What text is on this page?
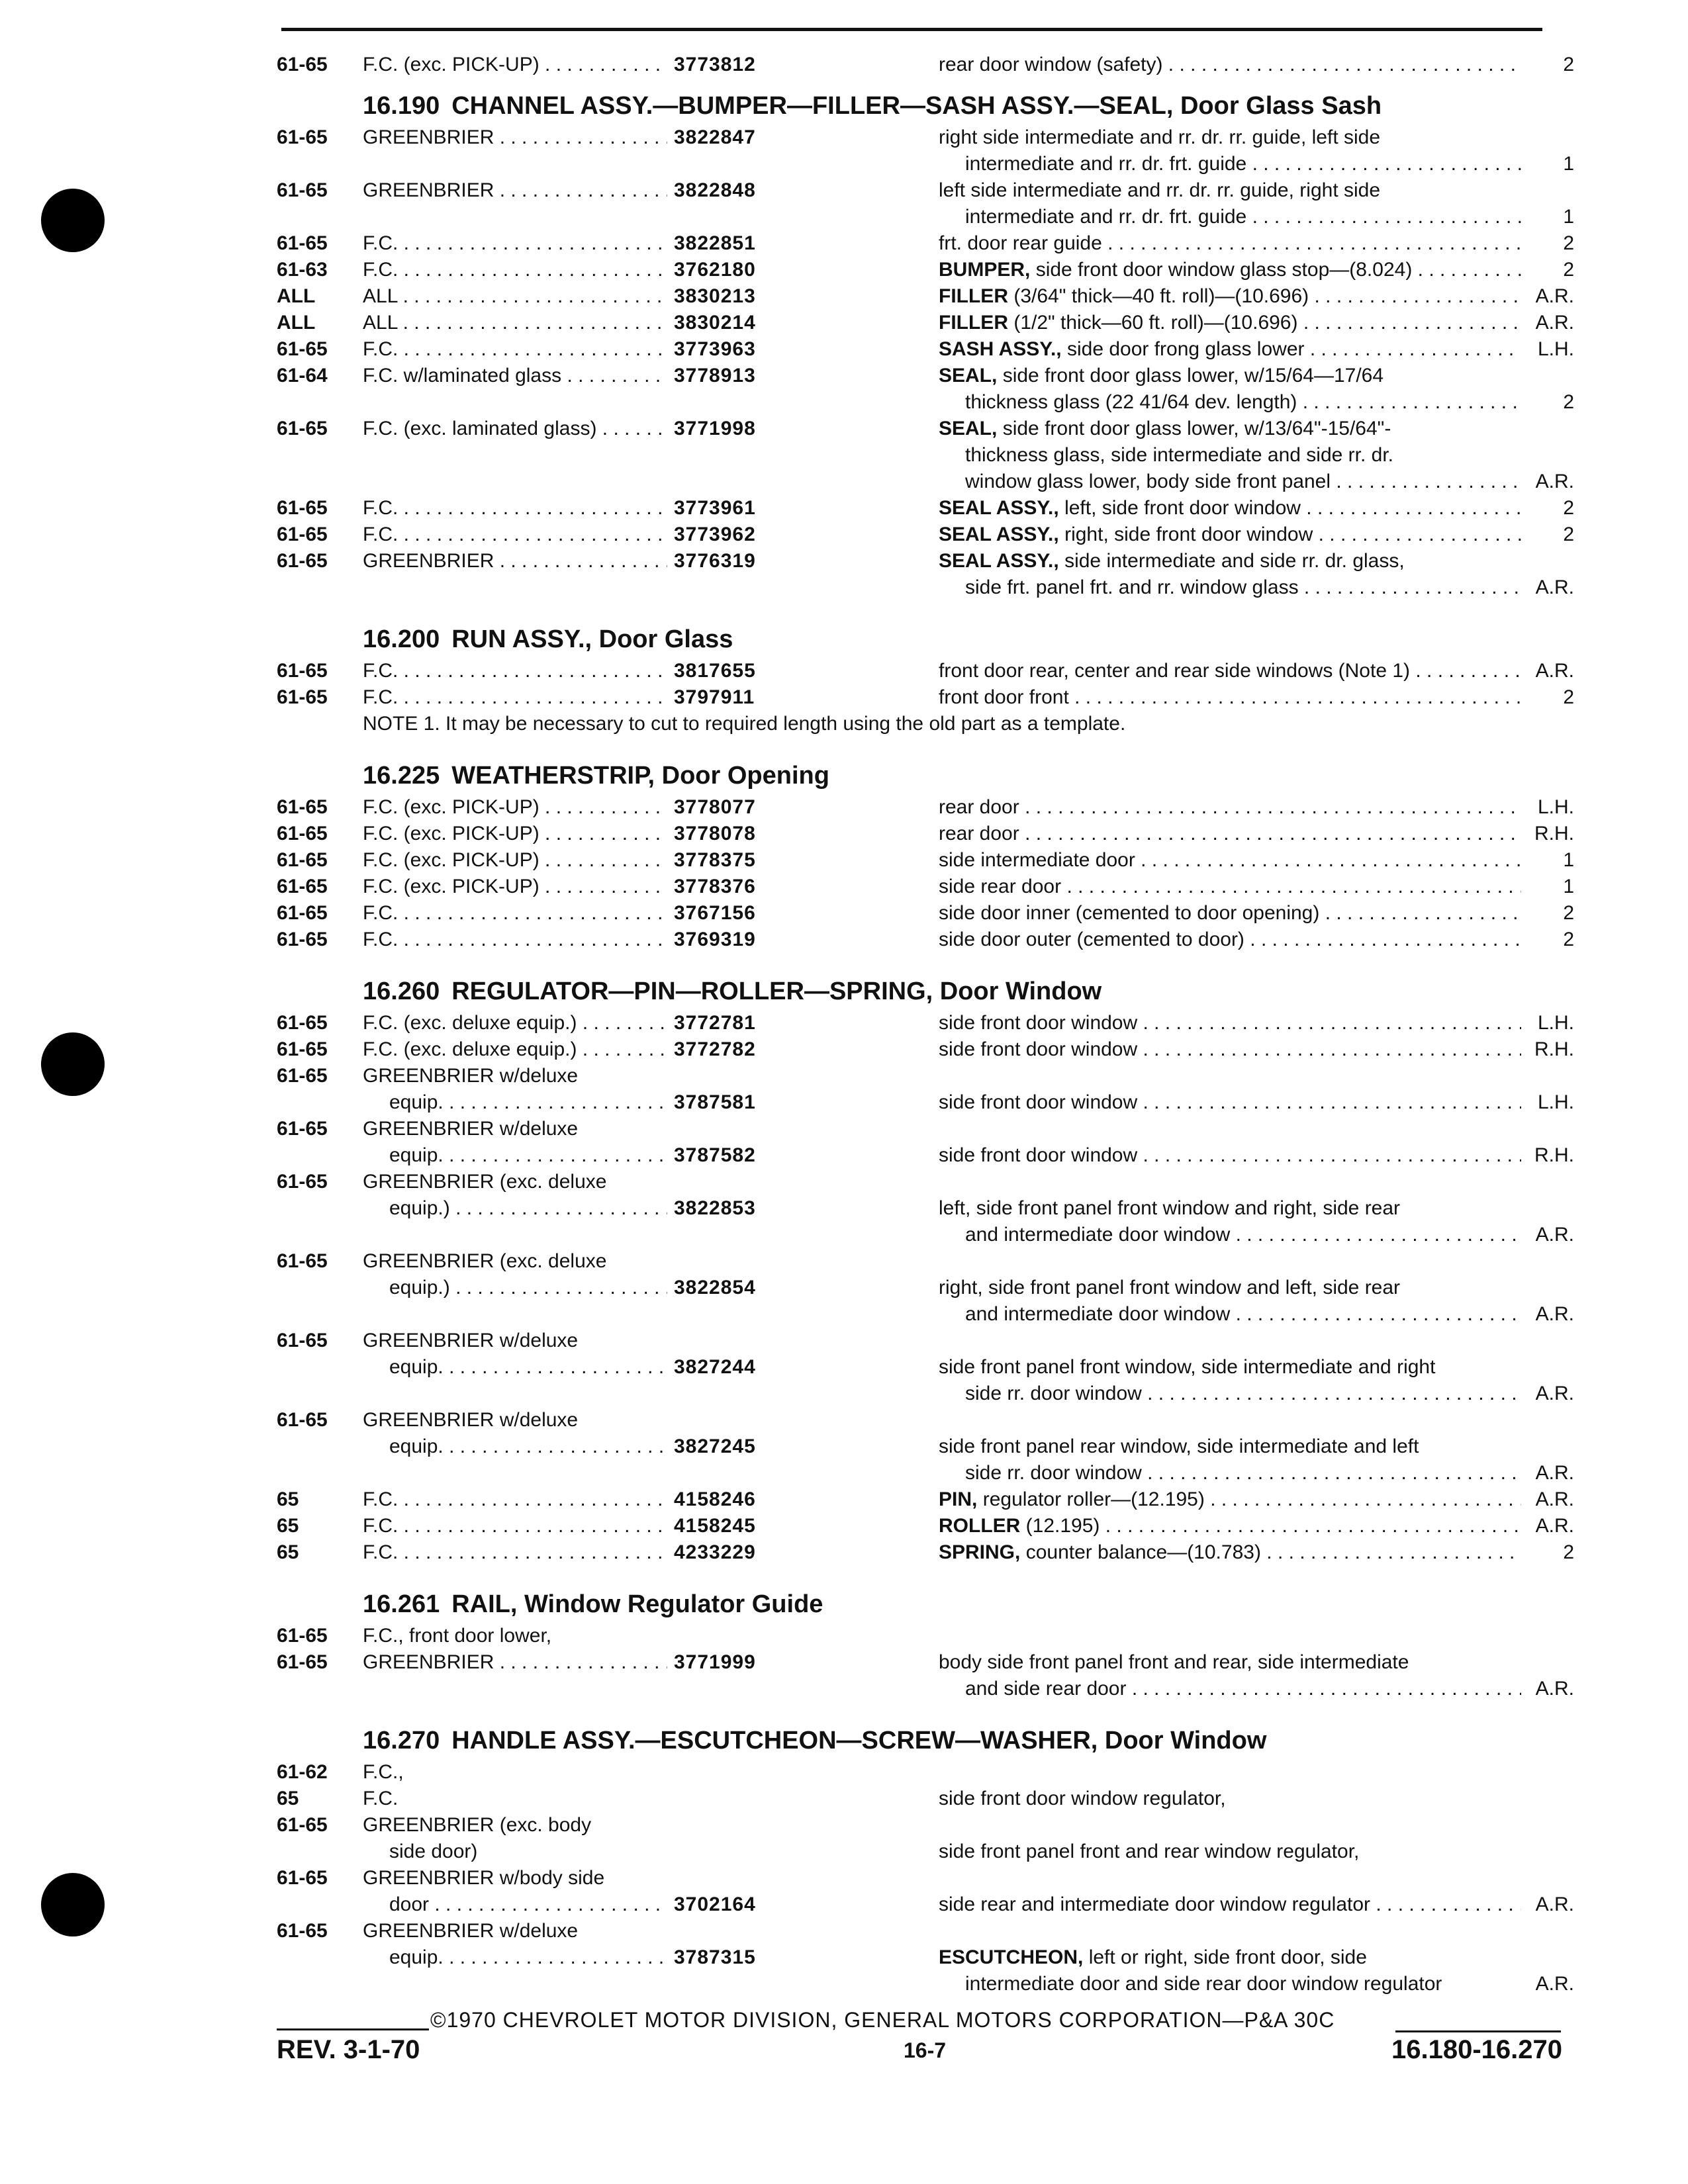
61-65 F.C. (exc. PICK-UP) . . .	3773812	rear door window (safety) . . .	2
16.190 CHANNEL ASSY.—BUMPER—FILLER—SASH ASSY.—SEAL, Door Glass Sash
61-65 GREENBRIER . . .	3822847	right side intermediate and rr. dr. rr. guide, left side
intermediate and rr. dr. frt. guide . . .	1
61-65 GREENBRIER . . .	3822848	left side intermediate and rr. dr. rr. guide, right side
intermediate and rr. dr. frt. guide . . .	1
61-65 F.C. . . .	3822851	frt. door rear guide . . .	2
61-63 F.C. . . .	3762180	BUMPER, side front door window glass stop—(8.024) . . .	2
ALL ALL . . .	3830213	FILLER (3/64" thick—40 ft. roll)—(10.696) . . .	A.R.
ALL ALL . . .	3830214	FILLER (1/2" thick—60 ft. roll)—(10.696) . . .	A.R.
61-65 F.C. . . .	3773963	SASH ASSY., side door frong glass lower . . .	L.H.
61-64 F.C. w/laminated glass . . .	3778913	SEAL, side front door glass lower, w/15/64—17/64
thickness glass (22 41/64 dev. length) . . .	2
61-65 F.C. (exc. laminated glass) . . .	3771998	SEAL, side front door glass lower, w/13/64"-15/64"-
thickness glass, side intermediate and side rr. dr.
window glass lower, body side front panel . . .	A.R.
61-65 F.C. . . .	3773961	SEAL ASSY., left, side front door window . . .	2
61-65 F.C. . . .	3773962	SEAL ASSY., right, side front door window . . .	2
61-65 GREENBRIER . . .	3776319	SEAL ASSY., side intermediate and side rr. dr. glass,
side frt. panel frt. and rr. window glass . . .	A.R.
16.200 RUN ASSY., Door Glass
61-65 F.C. . . .	3817655	front door rear, center and rear side windows (Note 1) . . .	A.R.
61-65 F.C. . . .	3797911	front door front . . .	2
NOTE 1. It may be necessary to cut to required length using the old part as a template.
16.225 WEATHERSTRIP, Door Opening
61-65 F.C. (exc. PICK-UP) . . .	3778077	rear door . . .	L.H.
61-65 F.C. (exc. PICK-UP) . . .	3778078	rear door . . .	R.H.
61-65 F.C. (exc. PICK-UP) . . .	3778375	side intermediate door . . .	1
61-65 F.C. (exc. PICK-UP) . . .	3778376	side rear door . . .	1
61-65 F.C. . . .	3767156	side door inner (cemented to door opening) . . .	2
61-65 F.C. . . .	3769319	side door outer (cemented to door) . . .	2
16.260 REGULATOR—PIN—ROLLER—SPRING, Door Window
61-65 F.C. (exc. deluxe equip.) . . .	3772781	side front door window . . .	L.H.
61-65 F.C. (exc. deluxe equip.) . . .	3772782	side front door window . . .	R.H.
61-65 GREENBRIER w/deluxe
equip. . . .	3787581	side front door window . . .	L.H.
61-65 GREENBRIER w/deluxe
equip. . . .	3787582	side front door window . . .	R.H.
61-65 GREENBRIER (exc. deluxe
equip.) . . .	3822853	left, side front panel front window and right, side rear
and intermediate door window . . .	A.R.
61-65 GREENBRIER (exc. deluxe
equip.) . . .	3822854	right, side front panel front window and left, side rear
and intermediate door window . . .	A.R.
61-65 GREENBRIER w/deluxe
equip. . . .	3827244	side front panel front window, side intermediate and right
side rr. door window . . .	A.R.
61-65 GREENBRIER w/deluxe
equip. . . .	3827245	side front panel rear window, side intermediate and left
side rr. door window . . .	A.R.
65	F.C. . . .	4158246	PIN, regulator roller—(12.195) . . .	A.R.
65	F.C. . . .	4158245	ROLLER (12.195) . . .	A.R.
65	F.C. . . .	4233229	SPRING, counter balance—(10.783) . . .	2
16.261 RAIL, Window Regulator Guide
61-65 F.C., front door lower,
61-65 GREENBRIER . . .	3771999	body side front panel front and rear, side intermediate
and side rear door . . .	A.R.
16.270 HANDLE ASSY.—ESCUTCHEON—SCREW—WASHER, Door Window
61-62 F.C.,
65	F.C.	side front door window regulator,
61-65 GREENBRIER (exc. body
side door)	side front panel front and rear window regulator,
61-65 GREENBRIER w/body side
door . . .	3702164	side rear and intermediate door window regulator . . .	A.R.
61-65 GREENBRIER w/deluxe
equip. . . .	3787315	ESCUTCHEON, left or right, side front door, side
intermediate door and side rear door window regulator	A.R.
©1970 CHEVROLET MOTOR DIVISION, GENERAL MOTORS CORPORATION—P&A 30C
REV. 3-1-70	16-7	16.180-16.270
